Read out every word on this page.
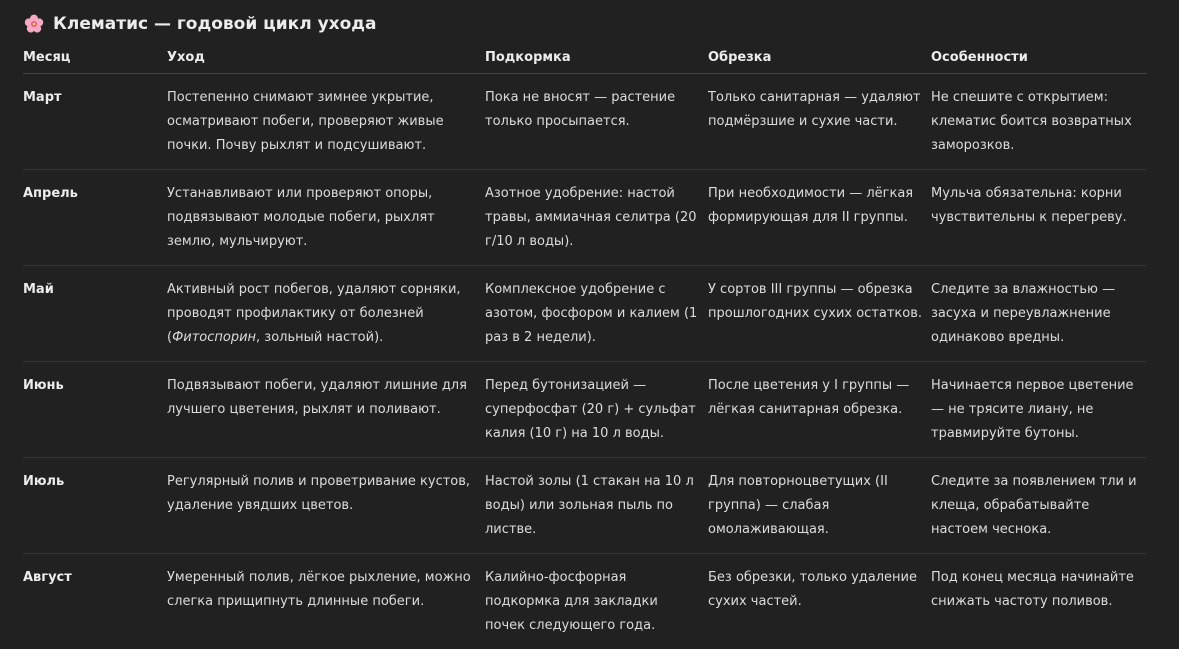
Клематис — годовой цикл ухода
Месяц	Уход	Подкормка	Обрезка	Особенности
Март	Постепенно снимают зимнее укрытие, осматривают побеги, проверяют живые почки. Почву рыхлят и подсушивают.	Пока не вносят — растение только просыпается.	Только санитарная — удаляют подмёрзшие и сухие части.	Не спешите с открытием: клематис боится возвратных заморозков.
Апрель	Устанавливают или проверяют опоры, подвязывают молодые побеги, рыхлят землю, мульчируют.	Азотное удобрение: настой травы, аммиачная селитра (20 г/10 л воды).	При необходимости — лёгкая формирующая для II группы.	Мульча обязательна: корни чувствительны к перегреву.
Май	Активный рост побегов, удаляют сорняки, проводят профилактику от болезней (Фитоспорин, зольный настой).	Комплексное удобрение с азотом, фосфором и калием (1 раз в 2 недели).	У сортов III группы — обрезка прошлогодних сухих остатков.	Следите за влажностью — засуха и переувлажнение одинаково вредны.
Июнь	Подвязывают побеги, удаляют лишние для лучшего цветения, рыхлят и поливают.	Перед бутонизацией — суперфосфат (20 г) + сульфат калия (10 г) на 10 л воды.	После цветения у I группы — лёгкая санитарная обрезка.	Начинается первое цветение — не трясите лиану, не травмируйте бутоны.
Июль	Регулярный полив и проветривание кустов, удаление увядших цветов.	Настой золы (1 стакан на 10 л воды) или зольная пыль по листве.	Для повторноцветущих (II группа) — слабая омолаживающая.	Следите за появлением тли и клеща, обрабатывайте настоем чеснока.
Август	Умеренный полив, лёгкое рыхление, можно слегка прищипнуть длинные побеги.	Калийно-фосфорная подкормка для закладки почек следующего года.	Без обрезки, только удаление сухих частей.	Под конец месяца начинайте снижать частоту поливов.
